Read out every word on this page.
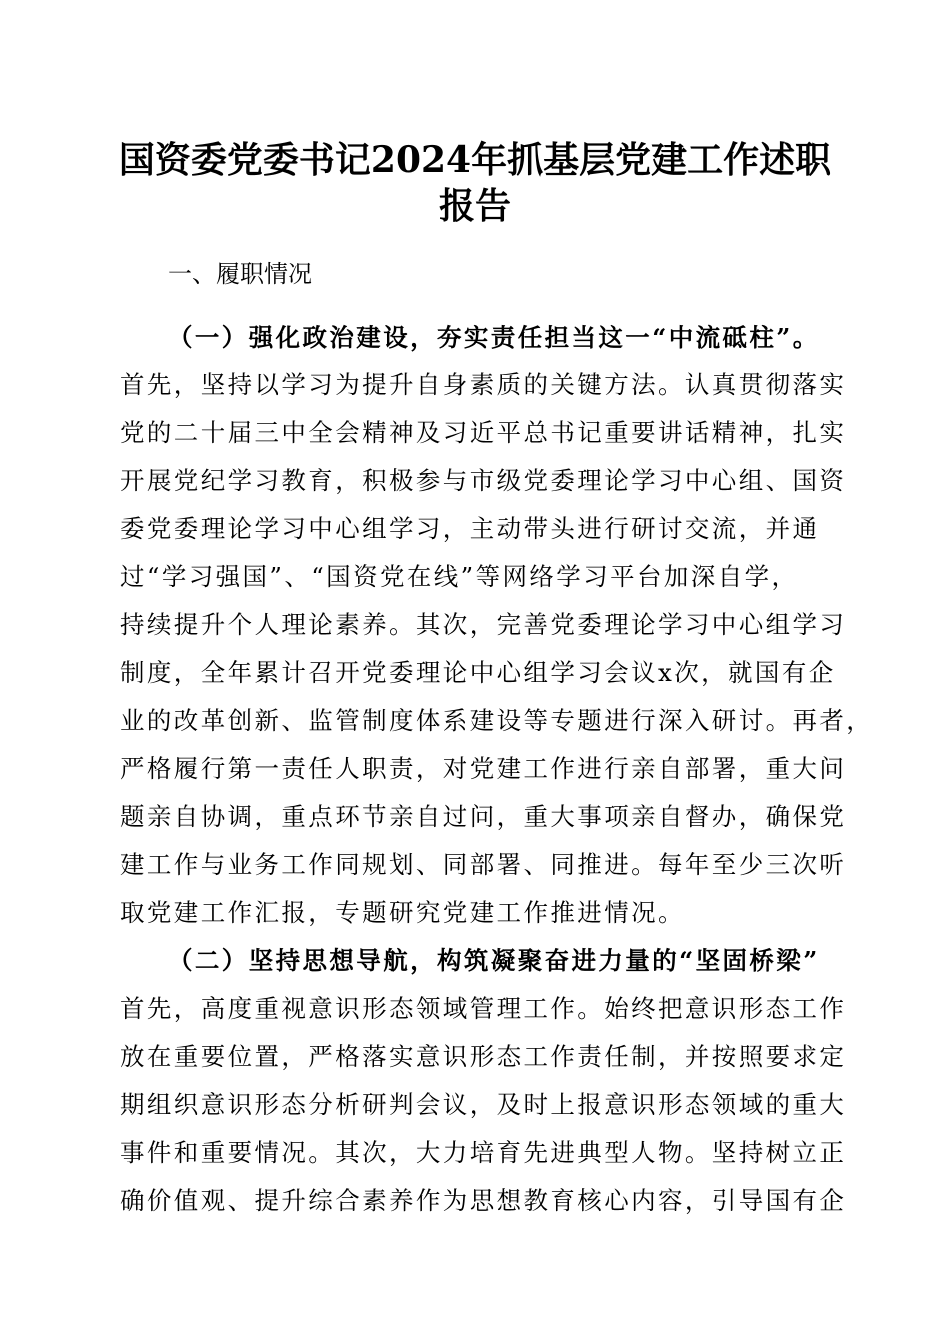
国资委党委书记2024年抓基层党建工作述职
报告

一、履职情况

（一）强化政治建设，夯实责任担当这一“中流砥柱”。

首先，坚持以学习为提升自身素质的关键方法。认真贯彻落实

党的二十届三中全会精神及习近平总书记重要讲话精神，扎实

开展党纪学习教育，积极参与市级党委理论学习中心组、国资

委党委理论学习中心组学习，主动带头进行研讨交流，并通

过“学习强国”、“国资党在线”等网络学习平台加深自学，

持续提升个人理论素养。其次，完善党委理论学习中心组学习

制度，全年累计召开党委理论中心组学习会议x次，就国有企

业的改革创新、监管制度体系建设等专题进行深入研讨。再者，

严格履行第一责任人职责，对党建工作进行亲自部署，重大问

题亲自协调，重点环节亲自过问，重大事项亲自督办，确保党

建工作与业务工作同规划、同部署、同推进。每年至少三次听

取党建工作汇报，专题研究党建工作推进情况。

（二）坚持思想导航，构筑凝聚奋进力量的“坚固桥梁”

首先，高度重视意识形态领域管理工作。始终把意识形态工作

放在重要位置，严格落实意识形态工作责任制，并按照要求定

期组织意识形态分析研判会议，及时上报意识形态领域的重大

事件和重要情况。其次，大力培育先进典型人物。坚持树立正

确价值观、提升综合素养作为思想教育核心内容，引导国有企
